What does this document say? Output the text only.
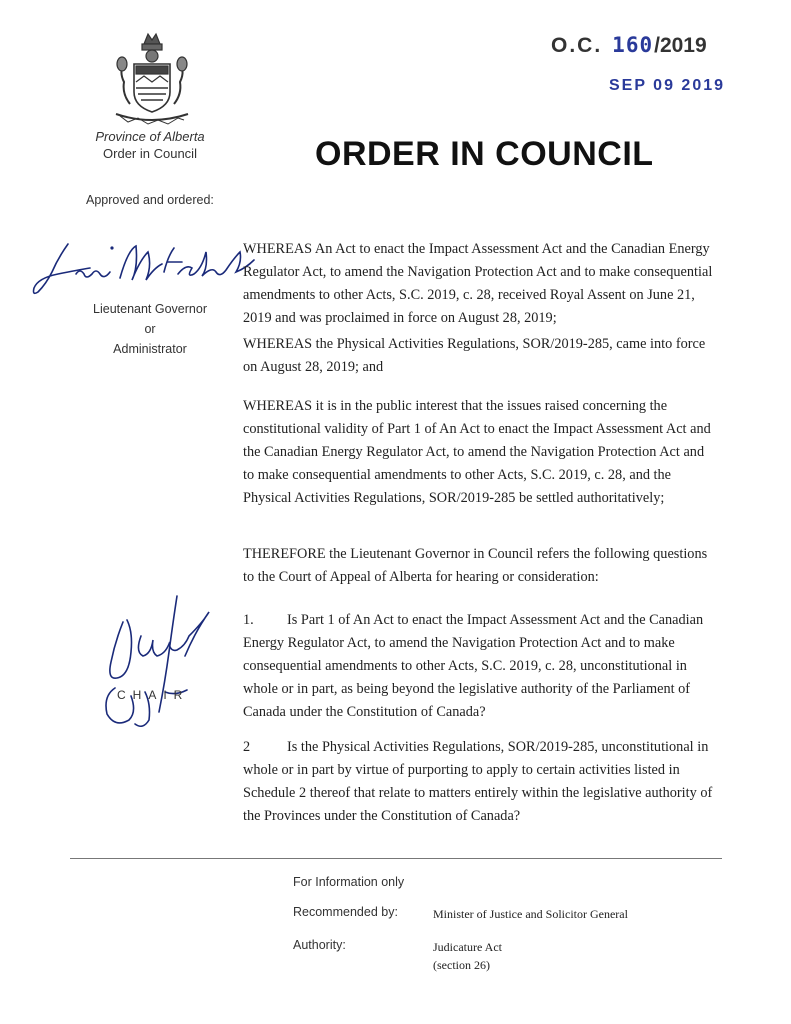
Province of Alberta
Order in Council
Approved and ordered:
ORDER IN COUNCIL
O.C. 160/2019
SEP 09 2019
Lieutenant Governor
or
Administrator
CHAIR
WHEREAS An Act to enact the Impact Assessment Act and the Canadian Energy Regulator Act, to amend the Navigation Protection Act and to make consequential amendments to other Acts, S.C. 2019, c. 28, received Royal Assent on June 21, 2019 and was proclaimed in force on August 28, 2019;
WHEREAS the Physical Activities Regulations, SOR/2019-285, came into force on August 28, 2019; and
WHEREAS it is in the public interest that the issues raised concerning the constitutional validity of Part 1 of An Act to enact the Impact Assessment Act and the Canadian Energy Regulator Act, to amend the Navigation Protection Act and to make consequential amendments to other Acts, S.C. 2019, c. 28, and the Physical Activities Regulations, SOR/2019-285 be settled authoritatively;
THEREFORE the Lieutenant Governor in Council refers the following questions to the Court of Appeal of Alberta for hearing or consideration:
1. Is Part 1 of An Act to enact the Impact Assessment Act and the Canadian Energy Regulator Act, to amend the Navigation Protection Act and to make consequential amendments to other Acts, S.C. 2019, c. 28, unconstitutional in whole or in part, as being beyond the legislative authority of the Parliament of Canada under the Constitution of Canada?
2	Is the Physical Activities Regulations, SOR/2019-285, unconstitutional in whole or in part by virtue of purporting to apply to certain activities listed in Schedule 2 thereof that relate to matters entirely within the legislative authority of the Provinces under the Constitution of Canada?
For Information only
Recommended by:	Minister of Justice and Solicitor General
Authority:	Judicature Act
(section 26)
